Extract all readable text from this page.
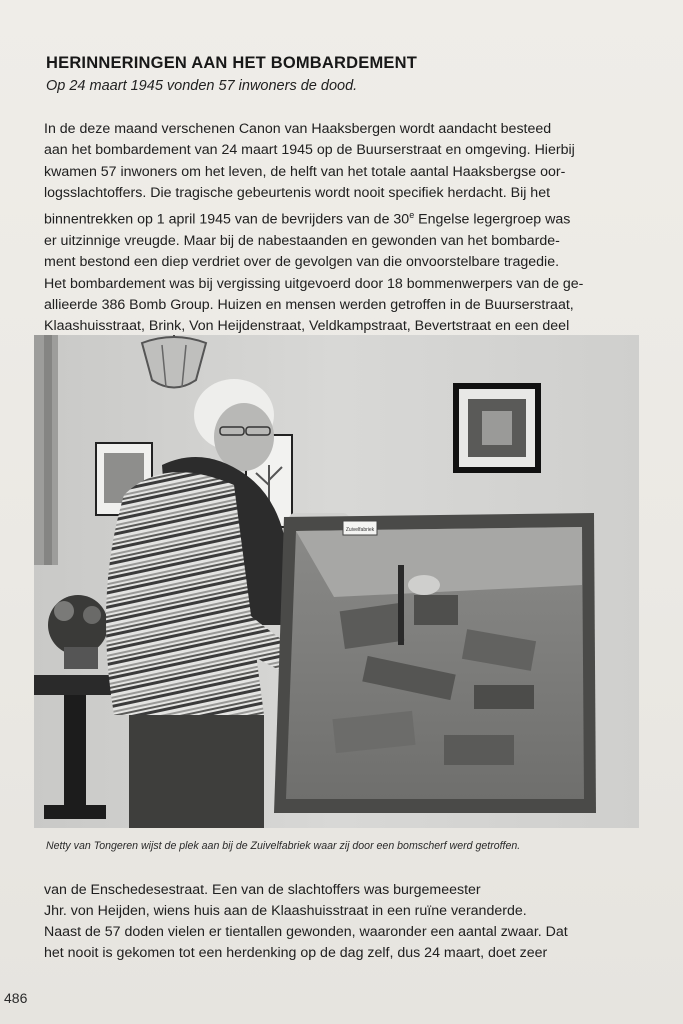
HERINNERINGEN AAN HET BOMBARDEMENT
Op 24 maart 1945 vonden 57 inwoners de dood.

In de deze maand verschenen Canon van Haaksbergen wordt aandacht besteed

aan het bombardement van 24 maart 1945 op de Buurserstraat en omgeving. Hierbij

kwamen 57 inwoners om het leven, de helft van het totale aantal Haaksbergse oor-

logsslachtoffers. Die tragische gebeurtenis wordt nooit specifiek herdacht. Bij het

binnentrekken op 1 april 1945 van de bevrijders van de 30e Engelse legergroep was

er uitzinnige vreugde. Maar bij de nabestaanden en gewonden van het bombarde-

ment bestond een diep verdriet over de gevolgen van die onvoorstelbare tragedie.

Het bombardement was bij vergissing uitgevoerd door 18 bommenwerpers van de ge-

allieerde 386 Bomb Group. Huizen en mensen werden getroffen in de Buurserstraat,

Klaashuisstraat, Brink, Von Heijdenstraat, Veldkampstraat, Bevertstraat en een deel

Zuivelfabriek
Netty van Tongeren wijst de plek aan bij de Zuivelfabriek waar zij door een bomscherf werd getroffen.

van de Enschedesestraat. Een van de slachtoffers was burgemeester

Jhr. von Heijden, wiens huis aan de Klaashuisstraat in een ruïne veranderde.

Naast de 57 doden vielen er tientallen gewonden, waaronder een aantal zwaar. Dat

het nooit is gekomen tot een herdenking op de dag zelf, dus 24 maart, doet zeer

486
